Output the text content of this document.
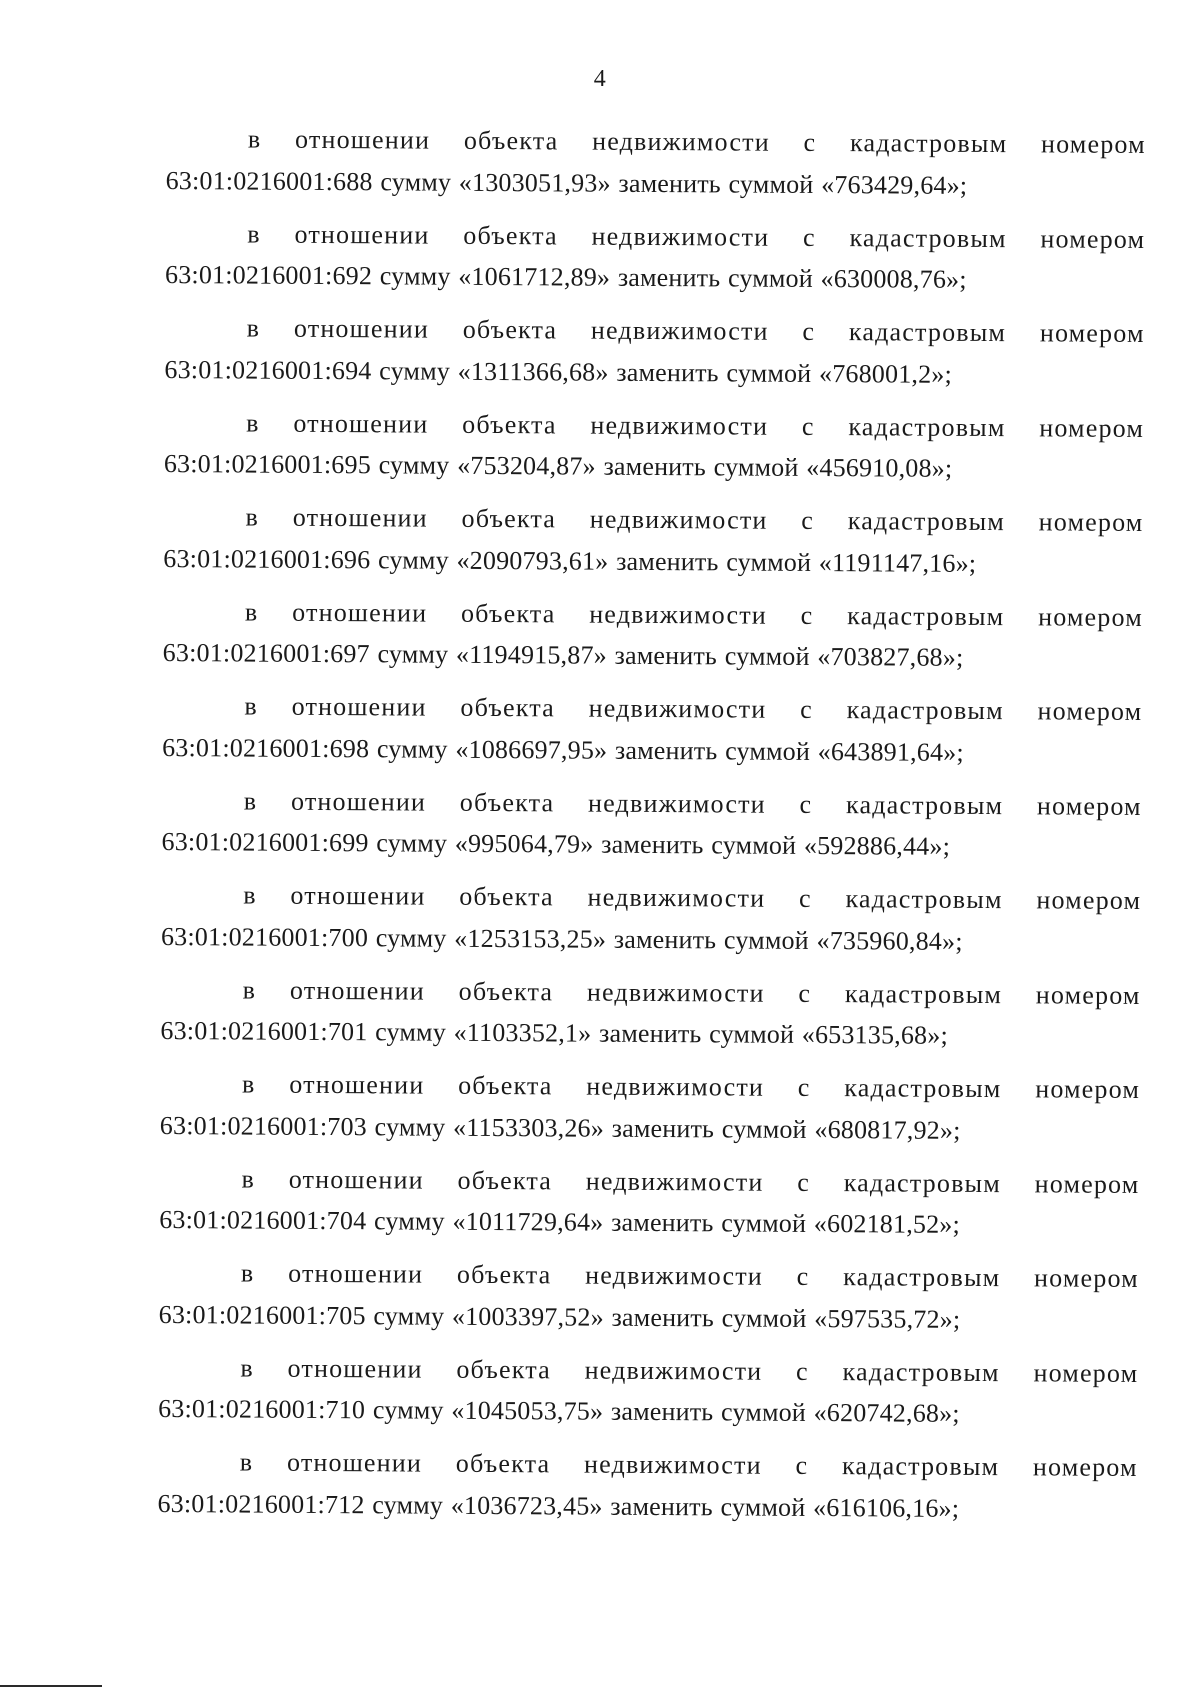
4

в отношении объекта недвижимости с кадастровым номером
63:01:0216001:688 сумму «1303051,93» заменить суммой «763429,64»;

в отношении объекта недвижимости с кадастровым номером
63:01:0216001:692 сумму «1061712,89» заменить суммой «630008,76»;

в отношении объекта недвижимости с кадастровым номером
63:01:0216001:694 сумму «1311366,68» заменить суммой «768001,2»;

в отношении объекта недвижимости с кадастровым номером
63:01:0216001:695 сумму «753204,87» заменить суммой «456910,08»;

в отношении объекта недвижимости с кадастровым номером
63:01:0216001:696 сумму «2090793,61» заменить суммой «1191147,16»;

в отношении объекта недвижимости с кадастровым номером
63:01:0216001:697 сумму «1194915,87» заменить суммой «703827,68»;

в отношении объекта недвижимости с кадастровым номером
63:01:0216001:698 сумму «1086697,95» заменить суммой «643891,64»;

в отношении объекта недвижимости с кадастровым номером
63:01:0216001:699 сумму «995064,79» заменить суммой «592886,44»;

в отношении объекта недвижимости с кадастровым номером
63:01:0216001:700 сумму «1253153,25» заменить суммой «735960,84»;

в отношении объекта недвижимости с кадастровым номером
63:01:0216001:701 сумму «1103352,1» заменить суммой «653135,68»;

в отношении объекта недвижимости с кадастровым номером
63:01:0216001:703 сумму «1153303,26» заменить суммой «680817,92»;

в отношении объекта недвижимости с кадастровым номером
63:01:0216001:704 сумму «1011729,64» заменить суммой «602181,52»;

в отношении объекта недвижимости с кадастровым номером
63:01:0216001:705 сумму «1003397,52» заменить суммой «597535,72»;

в отношении объекта недвижимости с кадастровым номером
63:01:0216001:710 сумму «1045053,75» заменить суммой «620742,68»;

в отношении объекта недвижимости с кадастровым номером
63:01:0216001:712 сумму «1036723,45» заменить суммой «616106,16»;
